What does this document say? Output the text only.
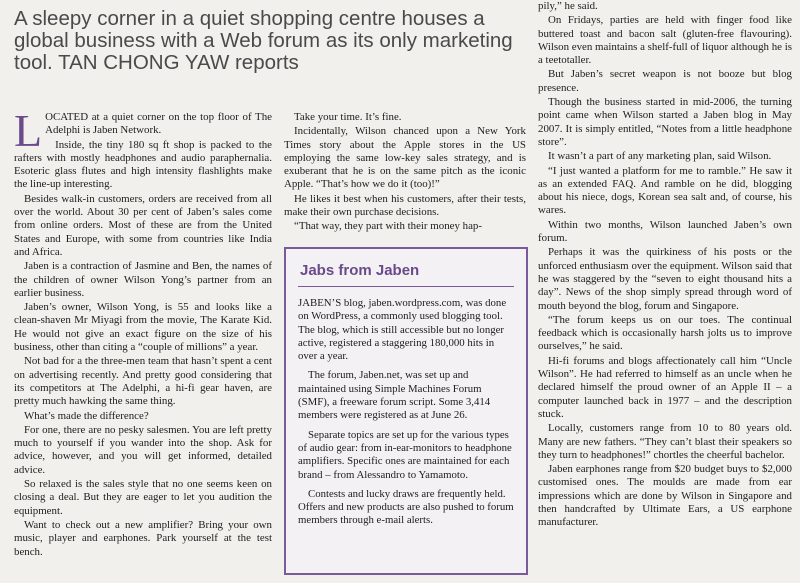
A sleepy corner in a quiet shopping centre houses a global business with a Web forum as its only marketing tool. TAN CHONG YAW reports

LOCATED at a quiet corner on the top floor of The Adelphi is Jaben Network.

Inside, the tiny 180 sq ft shop is packed to the rafters with mostly headphones and audio paraphernalia. Esoteric glass flutes and high intensity flashlights make the line-up interesting.

Besides walk-in customers, orders are received from all over the world. About 30 per cent of Jaben’s sales come from online orders. Most of these are from the United States and Europe, with some from countries like India and Africa.

Jaben is a contraction of Jasmine and Ben, the names of the children of owner Wilson Yong’s partner from an earlier business.

Jaben’s owner, Wilson Yong, is 55 and looks like a clean-shaven Mr Miyagi from the movie, The Karate Kid. He would not give an exact figure on the size of his business, other than citing a “couple of millions” a year.

Not bad for a the three-men team that hasn’t spent a cent on advertising recently. And pretty good considering that its competitors at The Adelphi, a hi-fi gear haven, are pretty much hawking the same thing.

What’s made the difference?

For one, there are no pesky salesmen. You are left pretty much to yourself if you wander into the shop. Ask for advice, however, and you will get informed, detailed advice.

So relaxed is the sales style that no one seems keen on closing a deal. But they are eager to let you audition the equipment.

Want to check out a new amplifier? Bring your own music, player and earphones. Park yourself at the test bench.

Take your time. It’s fine.

Incidentally, Wilson chanced upon a New York Times story about the Apple stores in the US employing the same low-key sales strategy, and is exuberant that he is on the same pitch as the iconic Apple. “That’s how we do it (too)!”

He likes it best when his customers, after their tests, make their own purchase decisions.

“That way, they part with their money hap-

Jabs from Jaben

JABEN’S blog, jaben.wordpress.com, was done on WordPress, a commonly used blogging tool. The blog, which is still accessible but no longer active, registered a staggering 180,000 hits in over a year.

The forum, Jaben.net, was set up and maintained using Simple Machines Forum (SMF), a freeware forum script. Some 3,414 members were registered as at June 26.

Separate topics are set up for the various types of audio gear: from in-ear-monitors to headphone amplifiers. Specific ones are maintained for each brand – from Alessandro to Yamamoto.

Contests and lucky draws are frequently held. Offers and new products are also pushed to forum members through e-mail alerts.

pily,” he said.

On Fridays, parties are held with finger food like buttered toast and bacon salt (gluten-free flavouring). Wilson even maintains a shelf-full of liquor although he is a teetotaller.

But Jaben’s secret weapon is not booze but blog presence.

Though the business started in mid-2006, the turning point came when Wilson started a Jaben blog in May 2007. It is simply entitled, “Notes from a little headphone store”.

It wasn’t a part of any marketing plan, said Wilson.

“I just wanted a platform for me to ramble.” He saw it as an extended FAQ. And ramble on he did, blogging about his niece, dogs, Korean sea salt and, of course, his wares.

Within two months, Wilson launched Jaben’s own forum.

Perhaps it was the quirkiness of his posts or the unforced enthusiasm over the equipment. Wilson said that he was staggered by the “seven to eight thousand hits a day”. News of the shop simply spread through word of mouth beyond the blog, forum and Singapore.

“The forum keeps us on our toes. The continual feedback which is occasionally harsh jolts us to improve ourselves,” he said.

Hi-fi forums and blogs affectionately call him “Uncle Wilson”. He had referred to himself as an uncle when he declared himself the proud owner of an Apple II – a computer launched back in 1977 – and the description stuck.

Locally, customers range from 10 to 80 years old. Many are new fathers. “They can’t blast their speakers so they turn to headphones!” chortles the cheerful bachelor.

Jaben earphones range from $20 budget buys to $2,000 customised ones. The moulds are made from ear impressions which are done by Wilson in Singapore and then handcrafted by Ultimate Ears, a US earphone manufacturer.
